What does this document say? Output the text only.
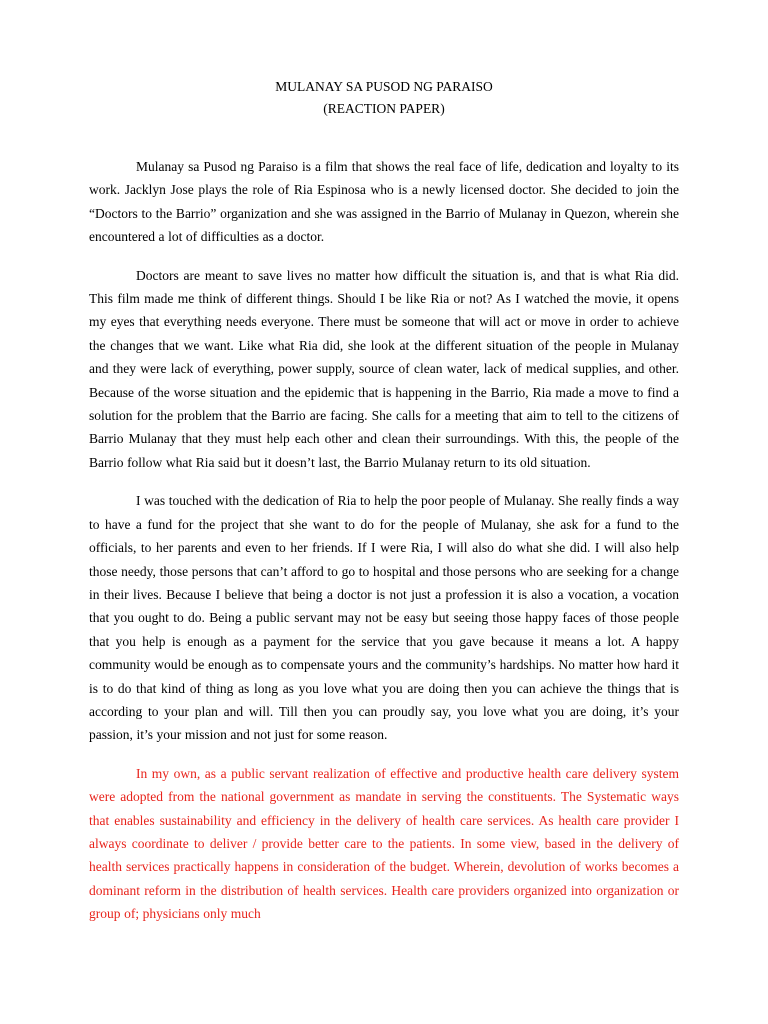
MULANAY SA PUSOD NG PARAISO

(REACTION PAPER)

Mulanay sa Pusod ng Paraiso is a film that shows the real face of life, dedication and loyalty to its work. Jacklyn Jose plays the role of Ria Espinosa who is a newly licensed doctor. She decided to join the “Doctors to the Barrio” organization and she was assigned in the Barrio of Mulanay in Quezon, wherein she encountered a lot of difficulties as a doctor.

Doctors are meant to save lives no matter how difficult the situation is, and that is what Ria did. This film made me think of different things. Should I be like Ria or not? As I watched the movie, it opens my eyes that everything needs everyone. There must be someone that will act or move in order to achieve the changes that we want. Like what Ria did, she look at the different situation of the people in Mulanay and they were lack of everything, power supply, source of clean water, lack of medical supplies, and other. Because of the worse situation and the epidemic that is happening in the Barrio, Ria made a move to find a solution for the problem that the Barrio are facing. She calls for a meeting that aim to tell to the citizens of Barrio Mulanay that they must help each other and clean their surroundings. With this, the people of the Barrio follow what Ria said but it doesn’t last, the Barrio Mulanay return to its old situation.

I was touched with the dedication of Ria to help the poor people of Mulanay. She really finds a way to have a fund for the project that she want to do for the people of Mulanay, she ask for a fund to the officials, to her parents and even to her friends. If I were Ria, I will also do what she did. I will also help those needy, those persons that can’t afford to go to hospital and those persons who are seeking for a change in their lives. Because I believe that being a doctor is not just a profession it is also a vocation, a vocation that you ought to do. Being a public servant may not be easy but seeing those happy faces of those people that you help is enough as a payment for the service that you gave because it means a lot. A happy community would be enough as to compensate yours and the community’s hardships. No matter how hard it is to do that kind of thing as long as you love what you are doing then you can achieve the things that is according to your plan and will. Till then you can proudly say, you love what you are doing, it’s your passion, it’s your mission and not just for some reason.

In my own, as a public servant realization of effective and productive health care delivery system were adopted from the national government as mandate in serving the constituents. The Systematic ways that enables sustainability and efficiency in the delivery of health care services. As health care provider I always coordinate to deliver / provide better care to the patients. In some view, based in the delivery of health services practically happens in consideration of the budget. Wherein, devolution of works becomes a dominant reform in the distribution of health services. Health care providers organized into organization or group of; physicians only much
